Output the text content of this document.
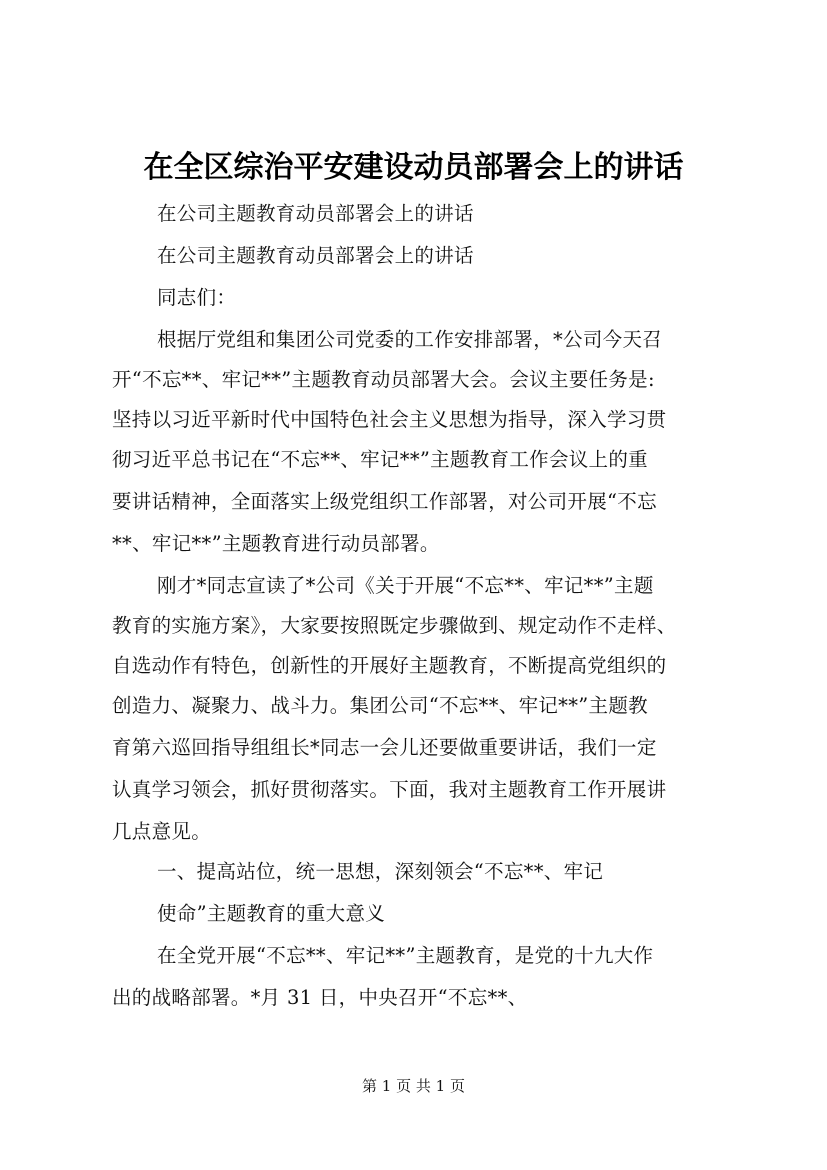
在全区综治平安建设动员部署会上的讲话
在公司主题教育动员部署会上的讲话
在公司主题教育动员部署会上的讲话
同志们：
根据厅党组和集团公司党委的工作安排部署，*公司今天召
开“不忘**、牢记**”主题教育动员部署大会。会议主要任务是:
坚持以习近平新时代中国特色社会主义思想为指导，深入学习贯
彻习近平总书记在“不忘**、牢记**”主题教育工作会议上的重
要讲话精神，全面落实上级党组织工作部署，对公司开展“不忘
**、牢记**”主题教育进行动员部署。
刚才*同志宣读了*公司《关于开展“不忘**、牢记**”主题
教育的实施方案》，大家要按照既定步骤做到、规定动作不走样、
自选动作有特色，创新性的开展好主题教育，不断提高党组织的
创造力、凝聚力、战斗力。集团公司“不忘**、牢记**”主题教
育第六巡回指导组组长*同志一会儿还要做重要讲话，我们一定
认真学习领会，抓好贯彻落实。下面，我对主题教育工作开展讲
几点意见。
一、提高站位，统一思想，深刻领会“不忘**、牢记
使命”主题教育的重大意义
在全党开展“不忘**、牢记**”主题教育，是党的十九大作
出的战略部署。*月 31 日，中央召开“不忘**、
第 1 页 共 1 页
